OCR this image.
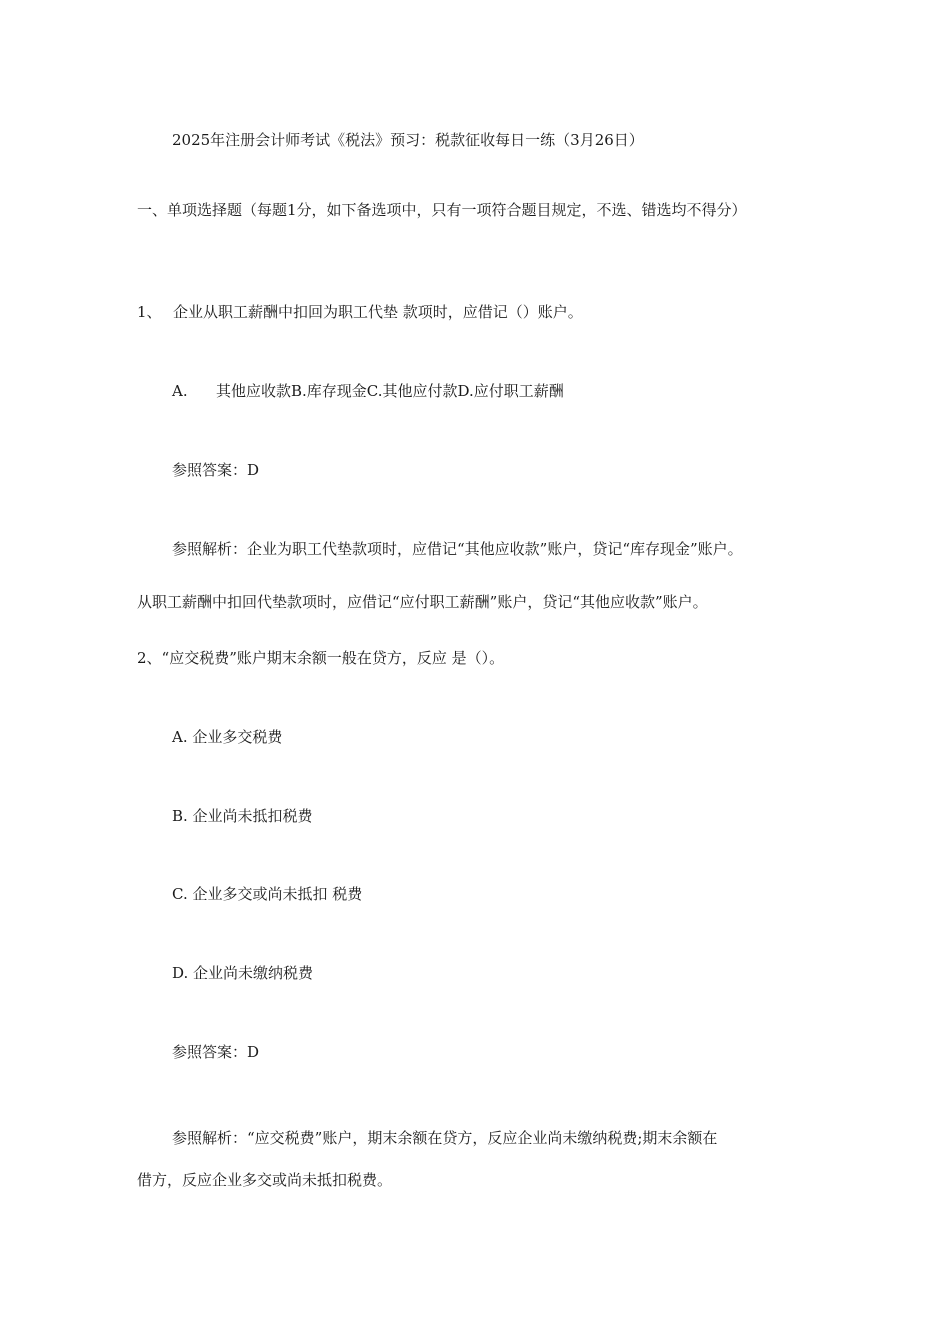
2025年注册会计师考试《税法》预习：税款征收每日一练（3月26日）
一、单项选择题（每题1分，如下备选项中，只有一项符合题目规定，不选、错选均不得分）
1、 企业从职工薪酬中扣回为职工代垫 款项时，应借记（）账户。
A. 其他应收款B.库存现金C.其他应付款D.应付职工薪酬
参照答案：D
参照解析：企业为职工代垫款项时，应借记“其他应收款”账户，贷记“库存现金”账户。
从职工薪酬中扣回代垫款项时，应借记“应付职工薪酬”账户，贷记“其他应收款”账户。
2、“应交税费”账户期末余额一般在贷方，反应 是（）。
A. 企业多交税费
B. 企业尚未抵扣税费
C. 企业多交或尚未抵扣 税费
D. 企业尚未缴纳税费
参照答案：D
参照解析：“应交税费”账户，期末余额在贷方，反应企业尚未缴纳税费;期末余额在
借方，反应企业多交或尚未抵扣税费。
